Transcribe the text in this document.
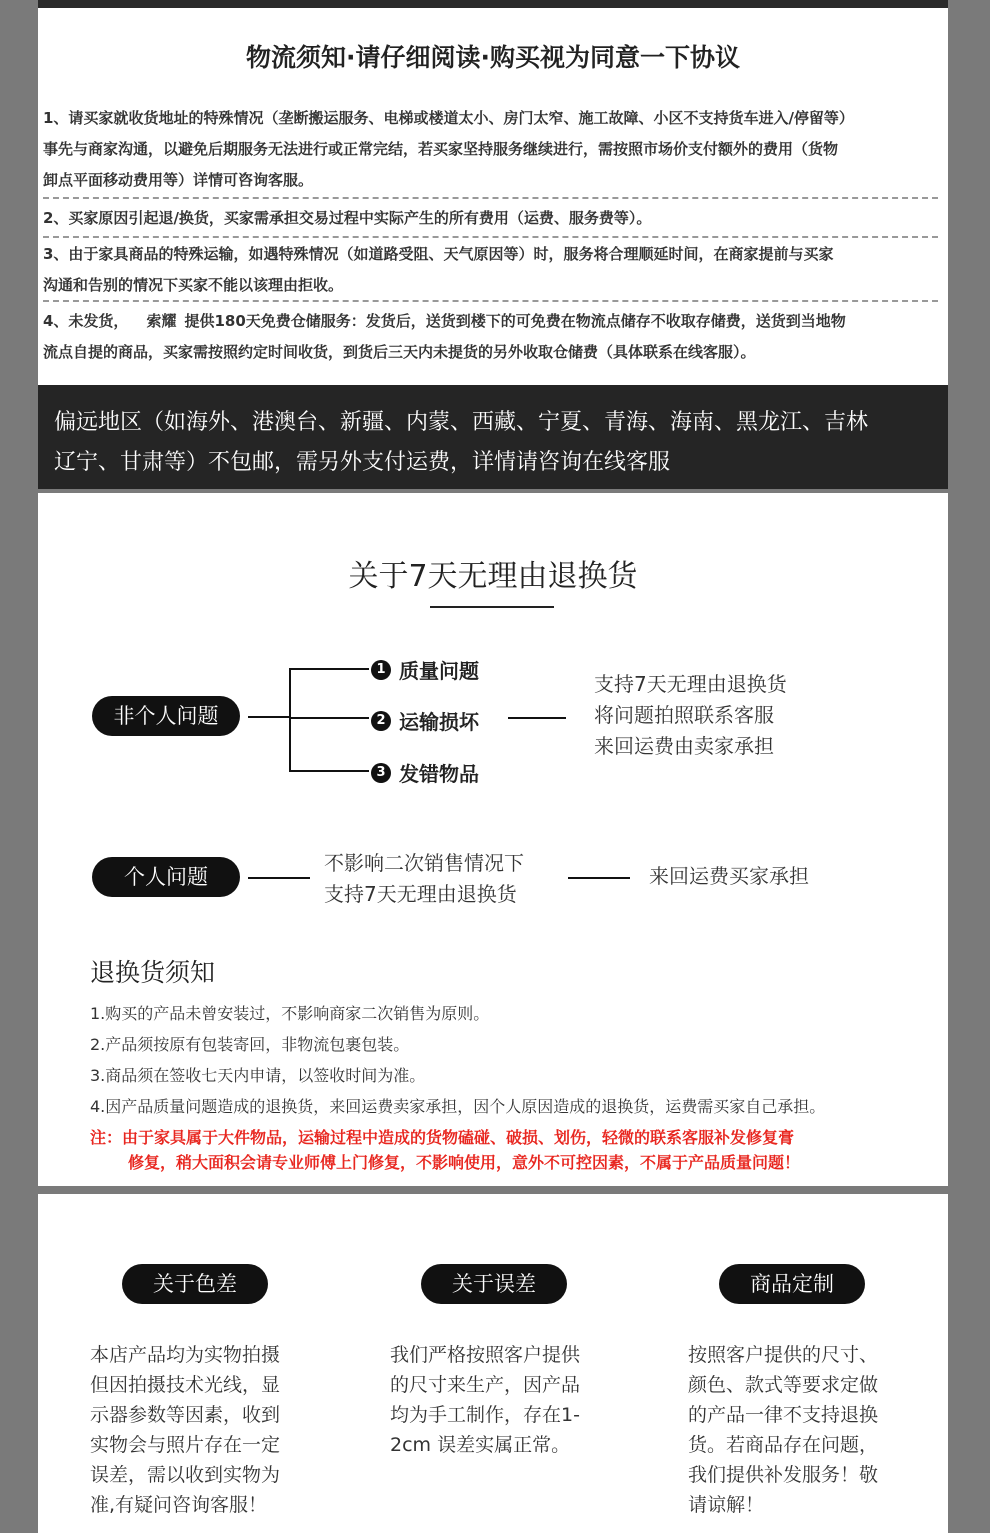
物流须知·请仔细阅读·购买视为同意一下协议
1、请买家就收货地址的特殊情况（垄断搬运服务、电梯或楼道太小、房门太窄、施工故障、小区不支持货车进入/停留等）
事先与商家沟通，以避免后期服务无法进行或正常完结，若买家坚持服务继续进行，需按照市场价支付额外的费用（货物
卸点平面移动费用等）详情可咨询客服。
2、买家原因引起退/换货，买家需承担交易过程中实际产生的所有费用（运费、服务费等）。
3、由于家具商品的特殊运输，如遇特殊情况（如道路受阻、天气原因等）时，服务将合理顺延时间，在商家提前与买家
沟通和告别的情况下买家不能以该理由拒收。
4、未发货， 索耀 提供180天免费仓储服务：发货后，送货到楼下的可免费在物流点储存不收取存储费，送货到当地物
流点自提的商品，买家需按照约定时间收货，到货后三天内未提货的另外收取仓储费（具体联系在线客服）。
偏远地区（如海外、港澳台、新疆、内蒙、西藏、宁夏、青海、海南、黑龙江、吉林
辽宁、甘肃等）不包邮，需另外支付运费，详情请咨询在线客服
关于7天无理由退换货
非个人问题
1 质量问题
2 运输损坏
3 发错物品
支持7天无理由退换货
将问题拍照联系客服
来回运费由卖家承担
个人问题
不影响二次销售情况下
支持7天无理由退换货
来回运费买家承担
退换货须知
1.购买的产品未曾安装过，不影响商家二次销售为原则。
2.产品须按原有包装寄回，非物流包裹包装。
3.商品须在签收七天内申请，以签收时间为准。
4.因产品质量问题造成的退换货，来回运费卖家承担，因个人原因造成的退换货，运费需买家自己承担。
注：由于家具属于大件物品，运输过程中造成的货物磕碰、破损、划伤，轻微的联系客服补发修复膏
修复，稍大面积会请专业师傅上门修复，不影响使用，意外不可控因素，不属于产品质量问题！
关于色差	关于误差	商品定制
本店产品均为实物拍摄
但因拍摄技术光线，显
示器参数等因素，收到
实物会与照片存在一定
误差，需以收到实物为
准,有疑问咨询客服！
我们严格按照客户提供
的尺寸来生产，因产品
均为手工制作，存在1-
2cm 误差实属正常。
按照客户提供的尺寸、
颜色、款式等要求定做
的产品一律不支持退换
货。若商品存在问题，
我们提供补发服务！敬
请谅解！
